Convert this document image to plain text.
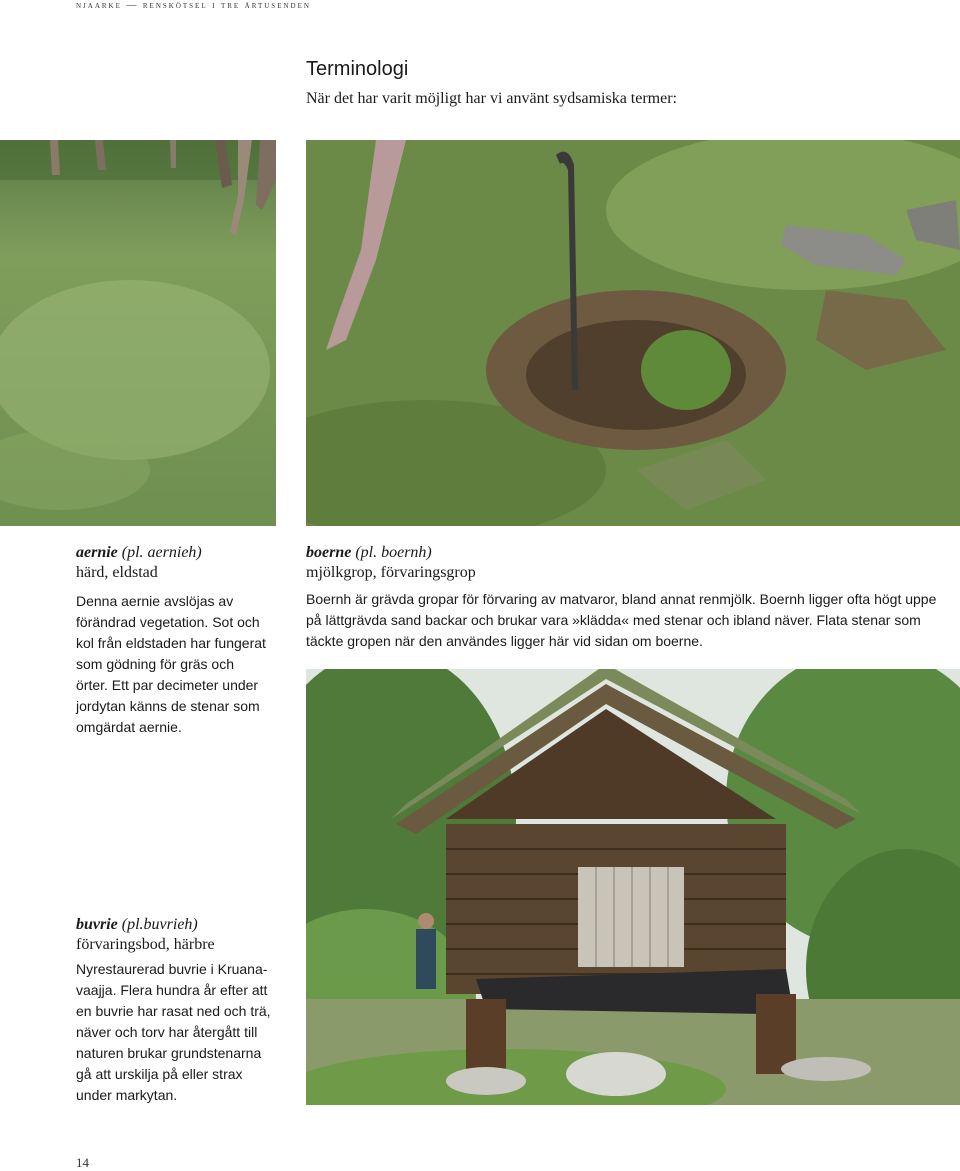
njaarke — renskötsel i tre årtusenden
Terminologi
När det har varit möjligt har vi använt sydsamiska termer:
aernie (pl. aernieh)
härd, eldstad
Denna aernie avslöjas av
förändrad vegetation. Sot och
kol från eldstaden har fungerat
som gödning för gräs och
örter. Ett par decimeter under
jordytan känns de stenar som
omgärdat aernie.
boerne (pl. boernh)
mjölkgrop, förvaringsgrop
Boernh är grävda gropar för förvaring av matvaror, bland annat renmjölk. Boernh ligger ofta högt uppe
på lättgrävda sand backar och brukar vara »klädda« med stenar och ibland näver. Flata stenar som
täckte gropen när den användes ligger här vid sidan om boerne.
buvrie (pl.buvrieh)
förvaringsbod, härbre
Nyrestaurerad buvrie i Kruana-
vaajja. Flera hundra år efter att
en buvrie har rasat ned och trä,
näver och torv har återgått till
naturen brukar grundstenarna
gå att urskilja på eller strax
under markytan.
14
